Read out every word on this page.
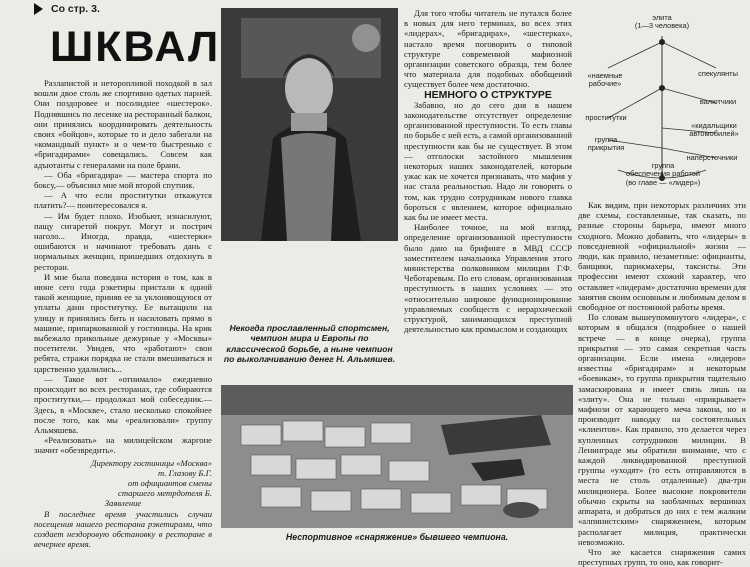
Со стр. 3.
ШКВАЛ

Разлапистой и неторопливой походкой в зал вошли двое столь же спортивно одетых парней. Они поздоровее и посолиднее «шестерок». Поднявшись по лесенке на ресторанный балкон, они принялись координировать деятельность своих «бойцов», которые то и дело забегали на «командный пункт» и о чем-то быстренько с «бригадирами» совещались. Совсем как адъютанты с генералами на поле брани.

— Оба «бригадира» — мастера спорта по боксу,— объяснил мне мой второй спутник.

— А что если проститутки откажутся платить?— поинтересовался я.

— Им будет плохо. Изобьют, изнасилуют, пащу сигаретой покрут. Могут и пострич наголо... Иногда, правда, «шестерки» ошибаются и начинают требовать дань с нормальных женщин, пришедших отдохнуть в ресторан.

И мне была поведана история о том, как в июне сего года рэкетиры пристали к одной такой женщине, приняв ее за уклоняющуюся от уплаты дани проститутку. Ее вытащили на улицу и принялись бить и насиловать прямо в машине, припаркованной у гостиницы. На крик выбежало прикольные дежурные у «Москвы» посетители. Увидев, что «работают» свои ребята, стражи порядка не стали вмешиваться и царственно удалились...

— Такое вот «отнимало» ежедневно происходит во всех ресторанах, где собираются проститутки,— продолжал мой собеседник.— Здесь, в «Москве», стало несколько спокойнее после того, как мы «реализовали» группу Альмяшева.

«Реализовать» на милицейском жаргоне значит «обезвредить».

Директору гостиницы «Москва»
т. Глазову Б.Г.
от официантов смены
старшего метрдотеля Б.
Заявление

В последнее время участились случаи посещения нашего ресторана рэкетирами, что создает нездоровую обстановку в ресторане в вечернее время.

Некогда прославленный спортсмен, чемпион мира и Европы по классической борьбе, а ныне чемпион по выколачиванию денег Н. Альмяшев.

Для того чтобы читатель не путался более в новых для него терминах, во всех этих «лидерах», «бригадирах», «шестерках», настало время поговорить о типовой структуре современной мафиозной организации советского образца, тем более что материала для подобных обобщений существует более чем достаточно.

НЕМНОГО О СТРУКТУРЕ

Забавно, но до сего дня в нашем законодательстве отсутствует определение организованной преступности. То есть главы по борьбе с ней есть, а самой организованной преступности как бы не существует. В этом — отголоски застойного мышления некоторых наших законодателей, которым ужас как не хочется признавать, что мафия у нас стала реальностью. Надо ли говорить о том, как трудно сотрудникам нового главка бороться с явлением, которое официально как бы не имеет места.

Наиболее точное, на мой взгляд, определение организованной преступности было дано на брифинге в МВД СССР заместителем начальника Управления этого министерства полковником милиции Г.Ф. Чеботаревым. По его словам, организованная преступность в наших условиях — это «относительно широкое функционирование управляемых сообществ с иерархической структурой, занимающихся преступной деятельностью как промыслом и создающих

Неспортивное «снаряжение» бывшего чемпиона.
элита
(1—3 человека)
«наемные
рабочие»
спекулянты
валютчики
проститутки
«кидальщики
автомобилей»
группа
прикрытия
наперсточники
группа
обеспечения работой
(во главе — «лидер»)

Как видим, при некоторых различиях эти две схемы, составленные, так сказать, по разные стороны барьера, имеют много сходного. Можно добавить, что «лидеры» в повседневной «официальной» жизни — люди, как правило, незаметные: официанты, банщики, парикмахеры, таксисты. Эти профессии имеют схожий характер, что оставляет «лидерам» достаточно времени для занятия своим основным и любимым делом в свободное от постоянной работы время.

По словам вышеупомянутого «лидера», с которым я общался (подробнее о нашей встрече — в конце очерка), группа прикрытия — это самая секретная часть организации. Если имена «лидеров» известны «бригадирам» и некоторым «боевикам», то группа прикрытия тщательно замаскирована и имеет связь лишь на «элиту». Она не только «прикрывает» мафиози от карающего меча закона, но и производит наводку на состоятельных «клиентов». Как правило, это делается через купленных сотрудников милиции. В Ленинграде мы обратили внимание, что с каждой ликвидированной преступной группы «уходят» (то есть отправляются в места не столь отдаленные) два-три милиционера. Более высокие покровители обычно скрыты на заоблачных вершинах аппарата, и добраться до них с тем жалким «алпинистским» снаряжением, которым располагает милиция, практически невозможно.

Что же касается снаряжения самих преступных групп, то оно, как говорит-
